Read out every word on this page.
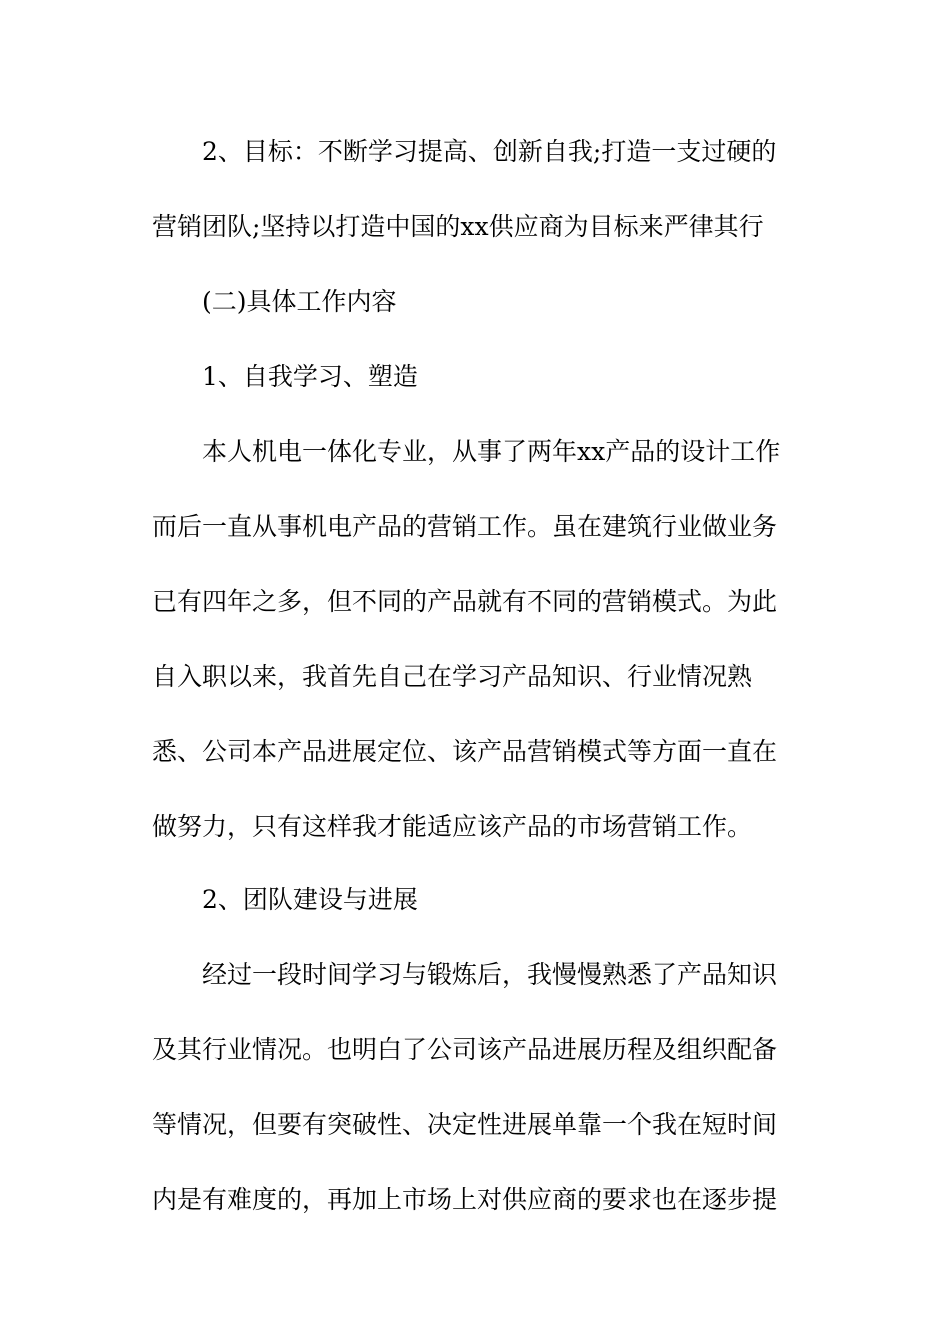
2、目标：不断学习提高、创新自我;打造一支过硬的
营销团队;坚持以打造中国的xx供应商为目标来严律其行
(二)具体工作内容
1、自我学习、塑造
本人机电一体化专业，从事了两年xx产品的设计工作
而后一直从事机电产品的营销工作。虽在建筑行业做业务
已有四年之多，但不同的产品就有不同的营销模式。为此
自入职以来，我首先自己在学习产品知识、行业情况熟
悉、公司本产品进展定位、该产品营销模式等方面一直在
做努力，只有这样我才能适应该产品的市场营销工作。
2、团队建设与进展
经过一段时间学习与锻炼后，我慢慢熟悉了产品知识
及其行业情况。也明白了公司该产品进展历程及组织配备
等情况，但要有突破性、决定性进展单靠一个我在短时间
内是有难度的，再加上市场上对供应商的要求也在逐步提
